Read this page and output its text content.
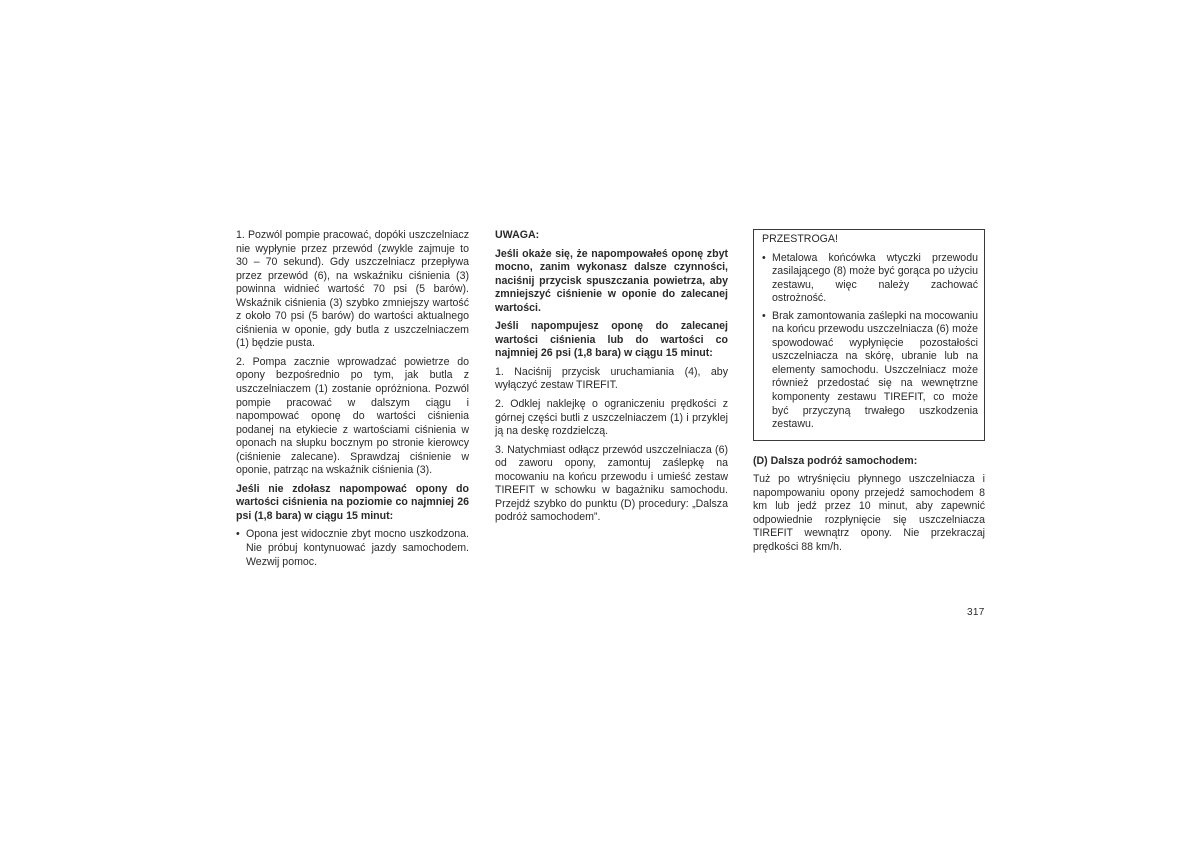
1. Pozwól pompie pracować, dopóki uszczelniacz nie wypłynie przez przewód (zwykle zajmuje to 30 – 70 sekund). Gdy uszczelniacz przepływa przez przewód (6), na wskaźniku ciśnienia (3) powinna widnieć wartość 70 psi (5 barów). Wskaźnik ciśnienia (3) szybko zmniejszy wartość z około 70 psi (5 barów) do wartości aktualnego ciśnienia w oponie, gdy butla z uszczelniaczem (1) będzie pusta.

2. Pompa zacznie wprowadzać powietrze do opony bezpośrednio po tym, jak butla z uszczelniaczem (1) zostanie opróżniona. Pozwól pompie pracować w dalszym ciągu i napompować oponę do wartości ciśnienia podanej na etykiecie z wartościami ciśnienia w oponach na słupku bocznym po stronie kierowcy (ciśnienie zalecane). Sprawdzaj ciśnienie w oponie, patrząc na wskaźnik ciśnienia (3).

Jeśli nie zdołasz napompować opony do wartości ciśnienia na poziomie co najmniej 26 psi (1,8 bara) w ciągu 15 minut:

• Opona jest widocznie zbyt mocno uszkodzona. Nie próbuj kontynuować jazdy samochodem. Wezwij pomoc.

UWAGA:

Jeśli okaże się, że napompowałeś oponę zbyt mocno, zanim wykonasz dalsze czynności, naciśnij przycisk spuszczania powietrza, aby zmniejszyć ciśnienie w oponie do zalecanej wartości.

Jeśli napompujesz oponę do zalecanej wartości ciśnienia lub do wartości co najmniej 26 psi (1,8 bara) w ciągu 15 minut:

1. Naciśnij przycisk uruchamiania (4), aby wyłączyć zestaw TIREFIT.

2. Odklej naklejkę o ograniczeniu prędkości z górnej części butli z uszczelniaczem (1) i przyklej ją na deskę rozdzielczą.

3. Natychmiast odłącz przewód uszczelniacza (6) od zaworu opony, zamontuj zaślepkę na mocowaniu na końcu przewodu i umieść zestaw TIREFIT w schowku w bagażniku samochodu. Przejdź szybko do punktu (D) procedury: „Dalsza podróż samochodem”.

PRZESTROGA!

• Metalowa końcówka wtyczki przewodu zasilającego (8) może być gorąca po użyciu zestawu, więc należy zachować ostrożność.
• Brak zamontowania zaślepki na mocowaniu na końcu przewodu uszczelniacza (6) może spowodować wypłynięcie pozostałości uszczelniacza na skórę, ubranie lub na elementy samochodu. Uszczelniacz może również przedostać się na wewnętrzne komponenty zestawu TIREFIT, co może być przyczyną trwałego uszkodzenia zestawu.

(D) Dalsza podróż samochodem:

Tuż po wtryśnięciu płynnego uszczelniacza i napompowaniu opony przejedź samochodem 8 km lub jedź przez 10 minut, aby zapewnić odpowiednie rozpłynięcie się uszczelniacza TIREFIT wewnątrz opony. Nie przekraczaj prędkości 88 km/h.

317
